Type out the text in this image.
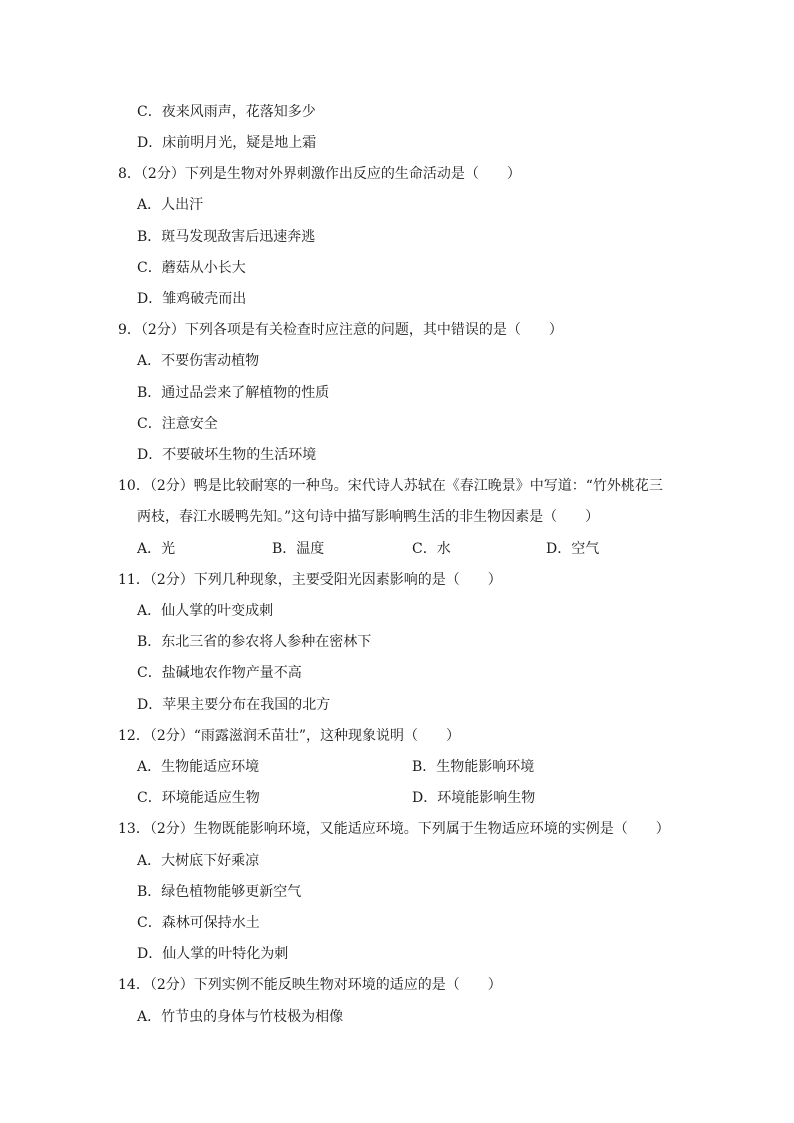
C．夜来风雨声，花落知多少
D．床前明月光，疑是地上霜
8．（2分）下列是生物对外界刺激作出反应的生命活动是（　　）
A．人出汗
B．斑马发现敌害后迅速奔逃
C．蘑菇从小长大
D．雏鸡破壳而出
9．（2分）下列各项是有关检查时应注意的问题，其中错误的是（　　）
A．不要伤害动植物
B．通过品尝来了解植物的性质
C．注意安全
D．不要破坏生物的生活环境
10．（2分）鸭是比较耐寒的一种鸟。宋代诗人苏轼在《春江晚景》中写道：“竹外桃花三
两枝，春江水暖鸭先知。”这句诗中描写影响鸭生活的非生物因素是（　　）
A．光	B．温度	C．水	D．空气
11．（2分）下列几种现象，主要受阳光因素影响的是（　　）
A．仙人掌的叶变成刺
B．东北三省的参农将人参种在密林下
C．盐碱地农作物产量不高
D．苹果主要分布在我国的北方
12．（2分）“雨露滋润禾苗壮”，这种现象说明（　　）
A．生物能适应环境	B．生物能影响环境
C．环境能适应生物	D．环境能影响生物
13．（2分）生物既能影响环境，又能适应环境。下列属于生物适应环境的实例是（　　）
A．大树底下好乘凉
B．绿色植物能够更新空气
C．森林可保持水土
D．仙人掌的叶特化为刺
14．（2分）下列实例不能反映生物对环境的适应的是（　　）
A．竹节虫的身体与竹枝极为相像
